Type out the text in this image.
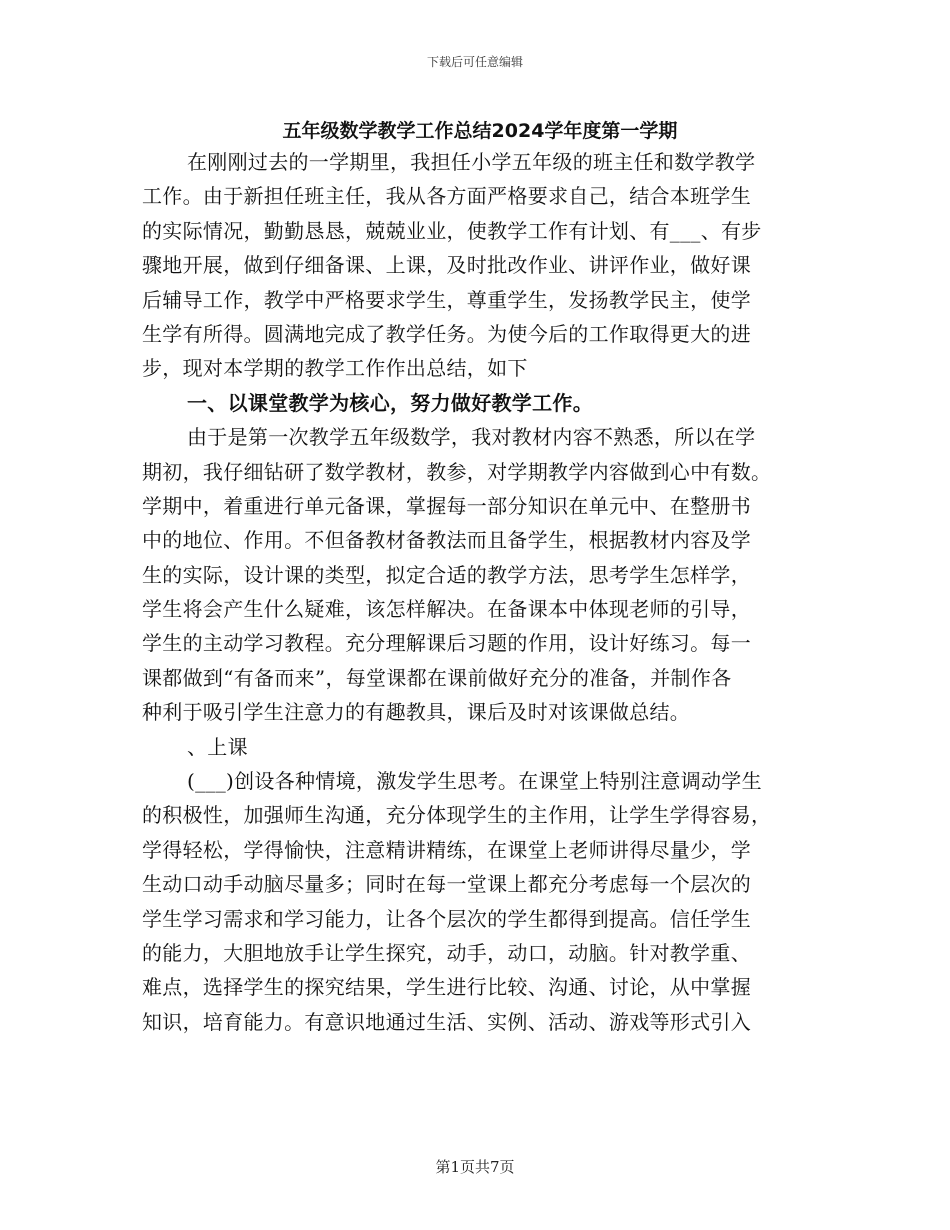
下载后可任意编辑
五年级数学教学工作总结2024学年度第一学期
在刚刚过去的一学期里，我担任小学五年级的班主任和数学教学
工作。由于新担任班主任，我从各方面严格要求自己，结合本班学生
的实际情况，勤勤恳恳，兢兢业业，使教学工作有计划、有___、有步
骤地开展，做到仔细备课、上课，及时批改作业、讲评作业，做好课
后辅导工作，教学中严格要求学生，尊重学生，发扬教学民主，使学
生学有所得。圆满地完成了教学任务。为使今后的工作取得更大的进
步，现对本学期的教学工作作出总结，如下
一、以课堂教学为核心，努力做好教学工作。
由于是第一次教学五年级数学，我对教材内容不熟悉，所以在学
期初，我仔细钻研了数学教材，教参，对学期教学内容做到心中有数。
学期中，着重进行单元备课，掌握每一部分知识在单元中、在整册书
中的地位、作用。不但备教材备教法而且备学生，根据教材内容及学
生的实际，设计课的类型，拟定合适的教学方法，思考学生怎样学，
学生将会产生什么疑难，该怎样解决。在备课本中体现老师的引导，
学生的主动学习教程。充分理解课后习题的作用，设计好练习。每一
课都做到“有备而来”，每堂课都在课前做好充分的准备，并制作各
种利于吸引学生注意力的有趣教具，课后及时对该课做总结。
、上课
(___)创设各种情境，激发学生思考。在课堂上特别注意调动学生
的积极性，加强师生沟通，充分体现学生的主作用，让学生学得容易，
学得轻松，学得愉快，注意精讲精练，在课堂上老师讲得尽量少，学
生动口动手动脑尽量多；同时在每一堂课上都充分考虑每一个层次的
学生学习需求和学习能力，让各个层次的学生都得到提高。信任学生
的能力，大胆地放手让学生探究，动手，动口，动脑。针对教学重、
难点，选择学生的探究结果，学生进行比较、沟通、讨论，从中掌握
知识，培育能力。有意识地通过生活、实例、活动、游戏等形式引入
第1页共7页
